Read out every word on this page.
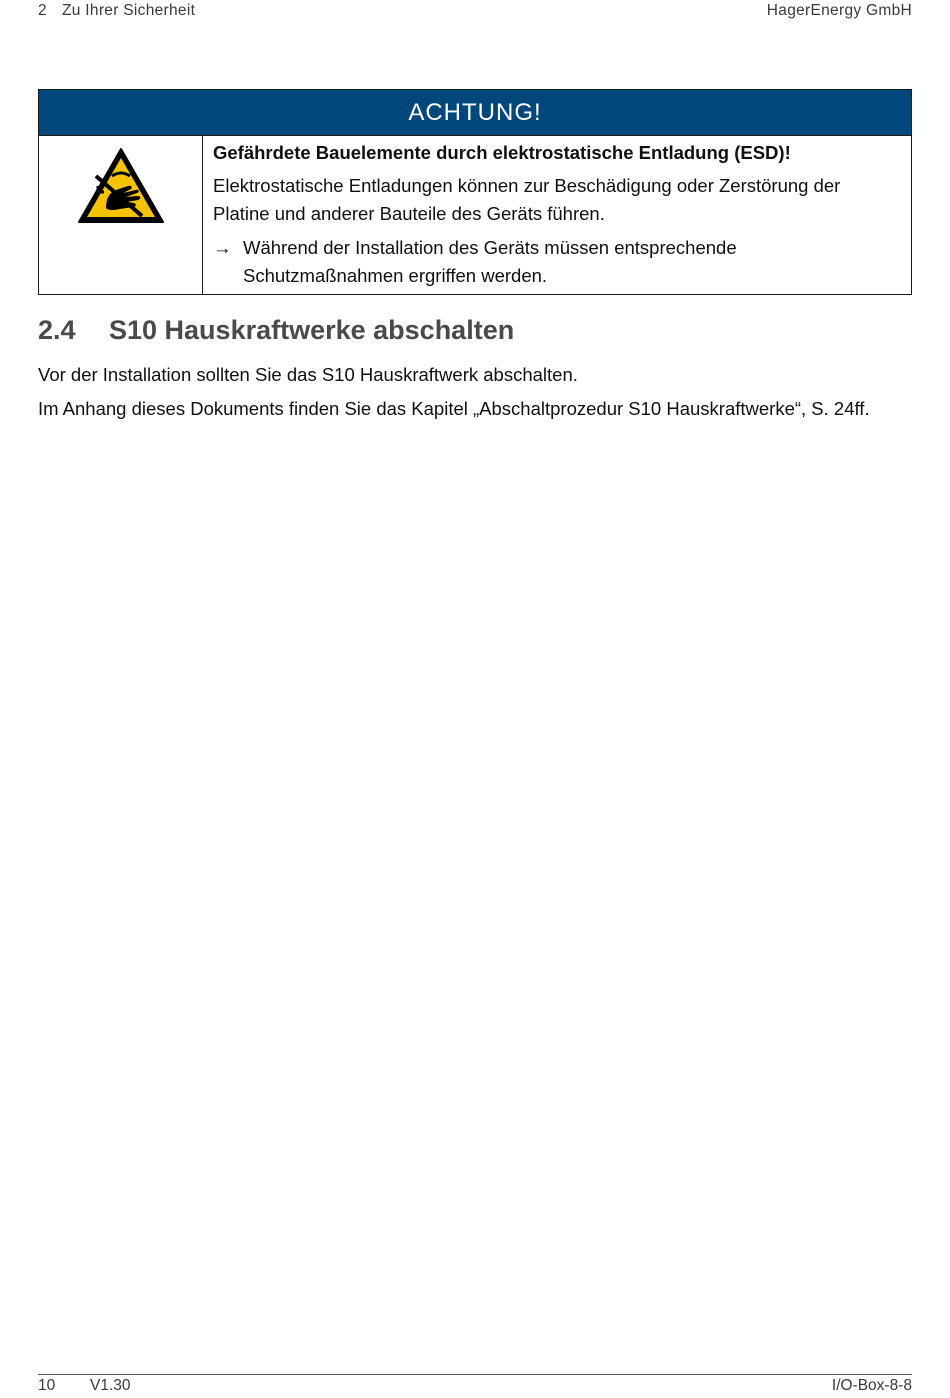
2 Zu Ihrer Sicherheit	HagerEnergy GmbH
ACHTUNG!

Gefährdete Bauelemente durch elektrostatische Entladung (ESD)!

Elektrostatische Entladungen können zur Beschädigung oder Zerstörung der Platine und anderer Bauteile des Geräts führen.

→ Während der Installation des Geräts müssen entsprechende Schutzmaßnahmen ergriffen werden.

2.4 S10 Hauskraftwerke abschalten

Vor der Installation sollten Sie das S10 Hauskraftwerk abschalten.

Im Anhang dieses Dokuments finden Sie das Kapitel „Abschaltprozedur S10 Hauskraftwerke“, S. 24ff.

10 V1.30	I/O-Box-8-8
